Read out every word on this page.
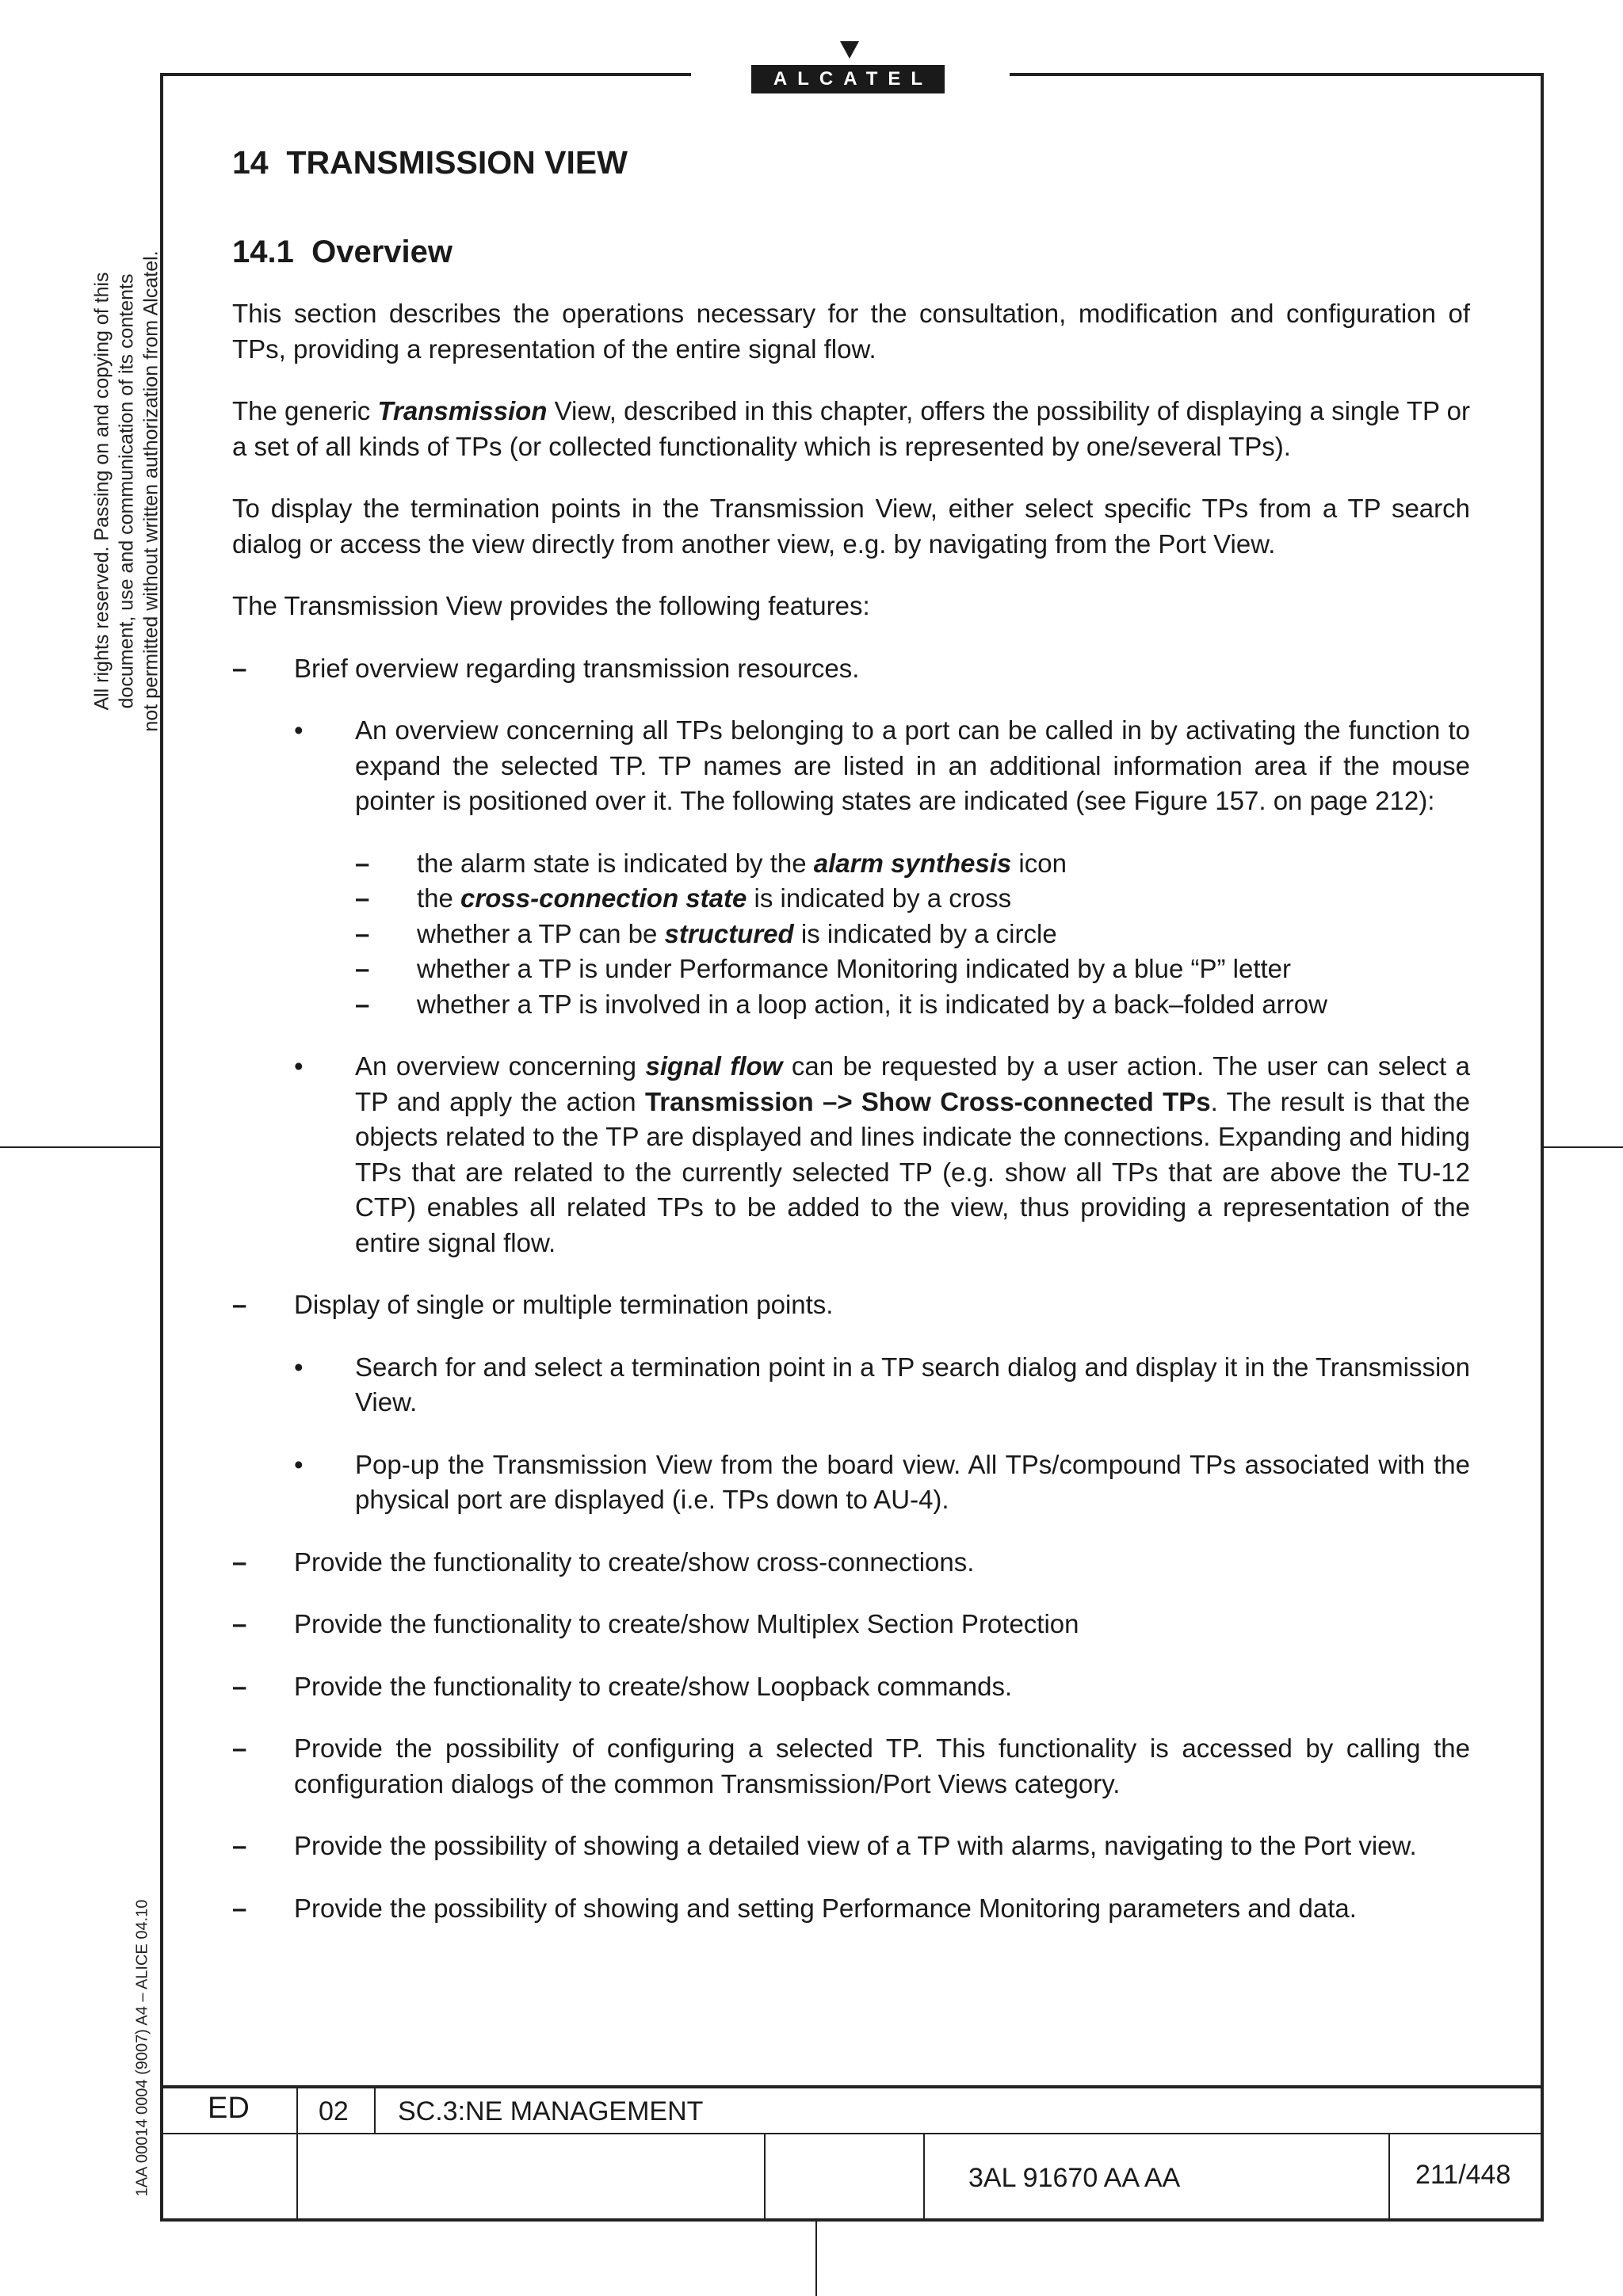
ALCATEL
All rights reserved. Passing on and copying of this document, use and communication of its contents not permitted without written authorization from Alcatel.
1AA 00014 0004 (9007) A4 – ALICE 04.10
14 TRANSMISSION VIEW
14.1 Overview

This section describes the operations necessary for the consultation, modification and configuration of TPs, providing a representation of the entire signal flow.

The generic Transmission View, described in this chapter, offers the possibility of displaying a single TP or a set of all kinds of TPs (or collected functionality which is represented by one/several TPs).

To display the termination points in the Transmission View, either select specific TPs from a TP search dialog or access the view directly from another view, e.g. by navigating from the Port View.

The Transmission View provides the following features:

– Brief overview regarding transmission resources.
• An overview concerning all TPs belonging to a port can be called in by activating the function to expand the selected TP. TP names are listed in an additional information area if the mouse pointer is positioned over it. The following states are indicated (see Figure 157. on page 212):
– the alarm state is indicated by the alarm synthesis icon
– the cross-connection state is indicated by a cross
– whether a TP can be structured is indicated by a circle
– whether a TP is under Performance Monitoring indicated by a blue “P” letter
– whether a TP is involved in a loop action, it is indicated by a back–folded arrow
• An overview concerning signal flow can be requested by a user action. The user can select a TP and apply the action Transmission –> Show Cross-connected TPs. The result is that the objects related to the TP are displayed and lines indicate the connections. Expanding and hiding TPs that are related to the currently selected TP (e.g. show all TPs that are above the TU-12 CTP) enables all related TPs to be added to the view, thus providing a representation of the entire signal flow.
– Display of single or multiple termination points.
• Search for and select a termination point in a TP search dialog and display it in the Transmission View.
• Pop-up the Transmission View from the board view. All TPs/compound TPs associated with the physical port are displayed (i.e. TPs down to AU-4).
– Provide the functionality to create/show cross-connections.
– Provide the functionality to create/show Multiplex Section Protection
– Provide the functionality to create/show Loopback commands.
– Provide the possibility of configuring a selected TP. This functionality is accessed by calling the configuration dialogs of the common Transmission/Port Views category.
– Provide the possibility of showing a detailed view of a TP with alarms, navigating to the Port view.
– Provide the possibility of showing and setting Performance Monitoring parameters and data.
ED	02 SC.3:NE MANAGEMENT
3AL 91670 AA AA	211/448
